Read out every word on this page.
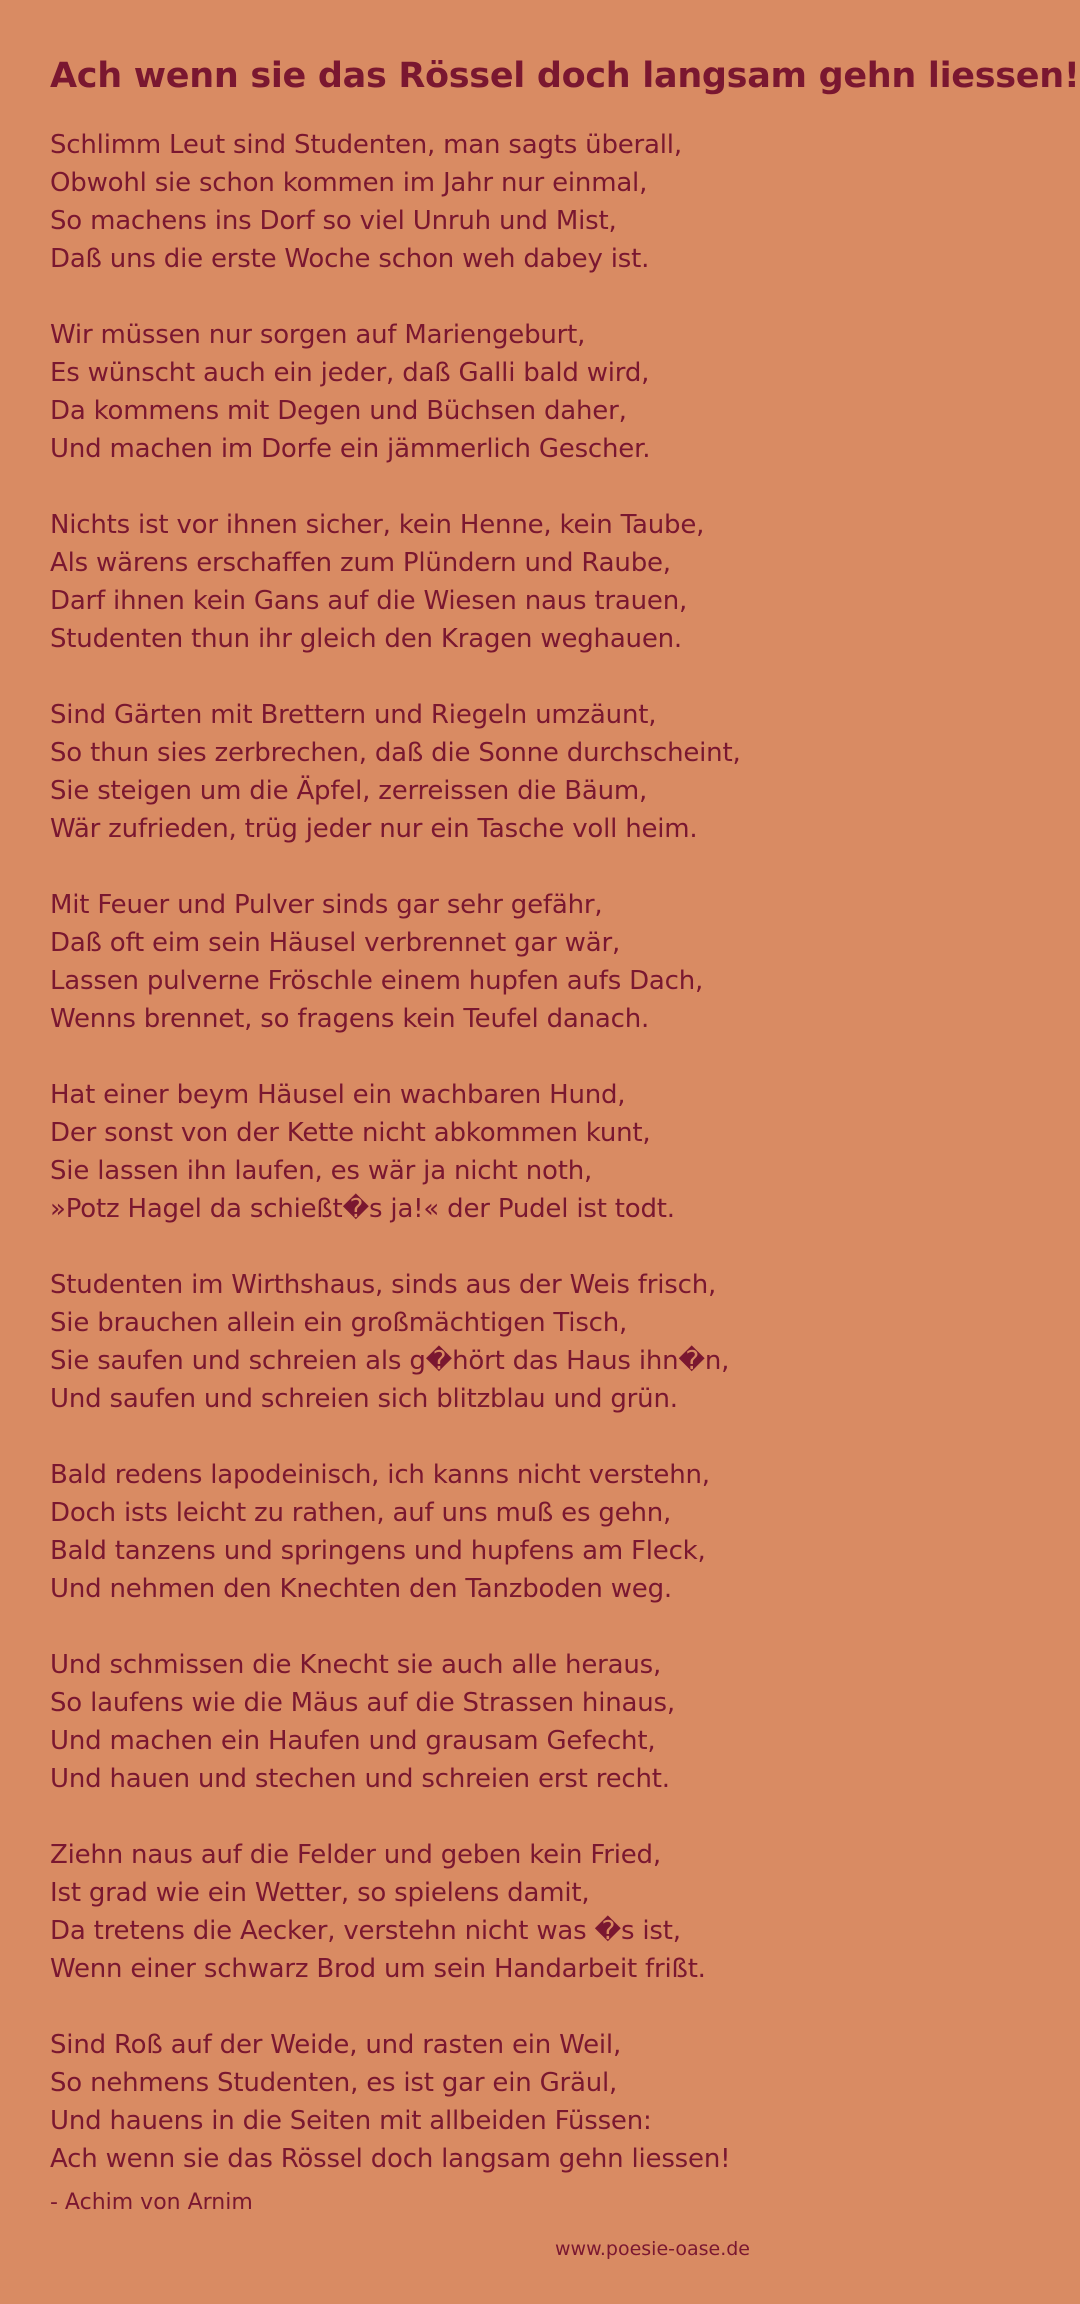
Ach wenn sie das Rössel doch langsam gehn liessen!
Schlimm Leut sind Studenten, man sagts überall,
Obwohl sie schon kommen im Jahr nur einmal,
So machens ins Dorf so viel Unruh und Mist,
Daß uns die erste Woche schon weh dabey ist.
Wir müssen nur sorgen auf Mariengeburt,
Es wünscht auch ein jeder, daß Galli bald wird,
Da kommens mit Degen und Büchsen daher,
Und machen im Dorfe ein jämmerlich Gescher.
Nichts ist vor ihnen sicher, kein Henne, kein Taube,
Als wärens erschaffen zum Plündern und Raube,
Darf ihnen kein Gans auf die Wiesen naus trauen,
Studenten thun ihr gleich den Kragen weghauen.
Sind Gärten mit Brettern und Riegeln umzäunt,
So thun sies zerbrechen, daß die Sonne durchscheint,
Sie steigen um die Äpfel, zerreissen die Bäum,
Wär zufrieden, trüg jeder nur ein Tasche voll heim.
Mit Feuer und Pulver sinds gar sehr gefähr,
Daß oft eim sein Häusel verbrennet gar wär,
Lassen pulverne Fröschle einem hupfen aufs Dach,
Wenns brennet, so fragens kein Teufel danach.
Hat einer beym Häusel ein wachbaren Hund,
Der sonst von der Kette nicht abkommen kunt,
Sie lassen ihn laufen, es wär ja nicht noth,
»Potz Hagel da schießt�s ja!« der Pudel ist todt.
Studenten im Wirthshaus, sinds aus der Weis frisch,
Sie brauchen allein ein großmächtigen Tisch,
Sie saufen und schreien als g�hört das Haus ihn�n,
Und saufen und schreien sich blitzblau und grün.
Bald redens lapodeinisch, ich kanns nicht verstehn,
Doch ists leicht zu rathen, auf uns muß es gehn,
Bald tanzens und springens und hupfens am Fleck,
Und nehmen den Knechten den Tanzboden weg.
Und schmissen die Knecht sie auch alle heraus,
So laufens wie die Mäus auf die Strassen hinaus,
Und machen ein Haufen und grausam Gefecht,
Und hauen und stechen und schreien erst recht.
Ziehn naus auf die Felder und geben kein Fried,
Ist grad wie ein Wetter, so spielens damit,
Da tretens die Aecker, verstehn nicht was �s ist,
Wenn einer schwarz Brod um sein Handarbeit frißt.
Sind Roß auf der Weide, und rasten ein Weil,
So nehmens Studenten, es ist gar ein Gräul,
Und hauens in die Seiten mit allbeiden Füssen:
Ach wenn sie das Rössel doch langsam gehn liessen!
- Achim von Arnim
www.poesie-oase.de
